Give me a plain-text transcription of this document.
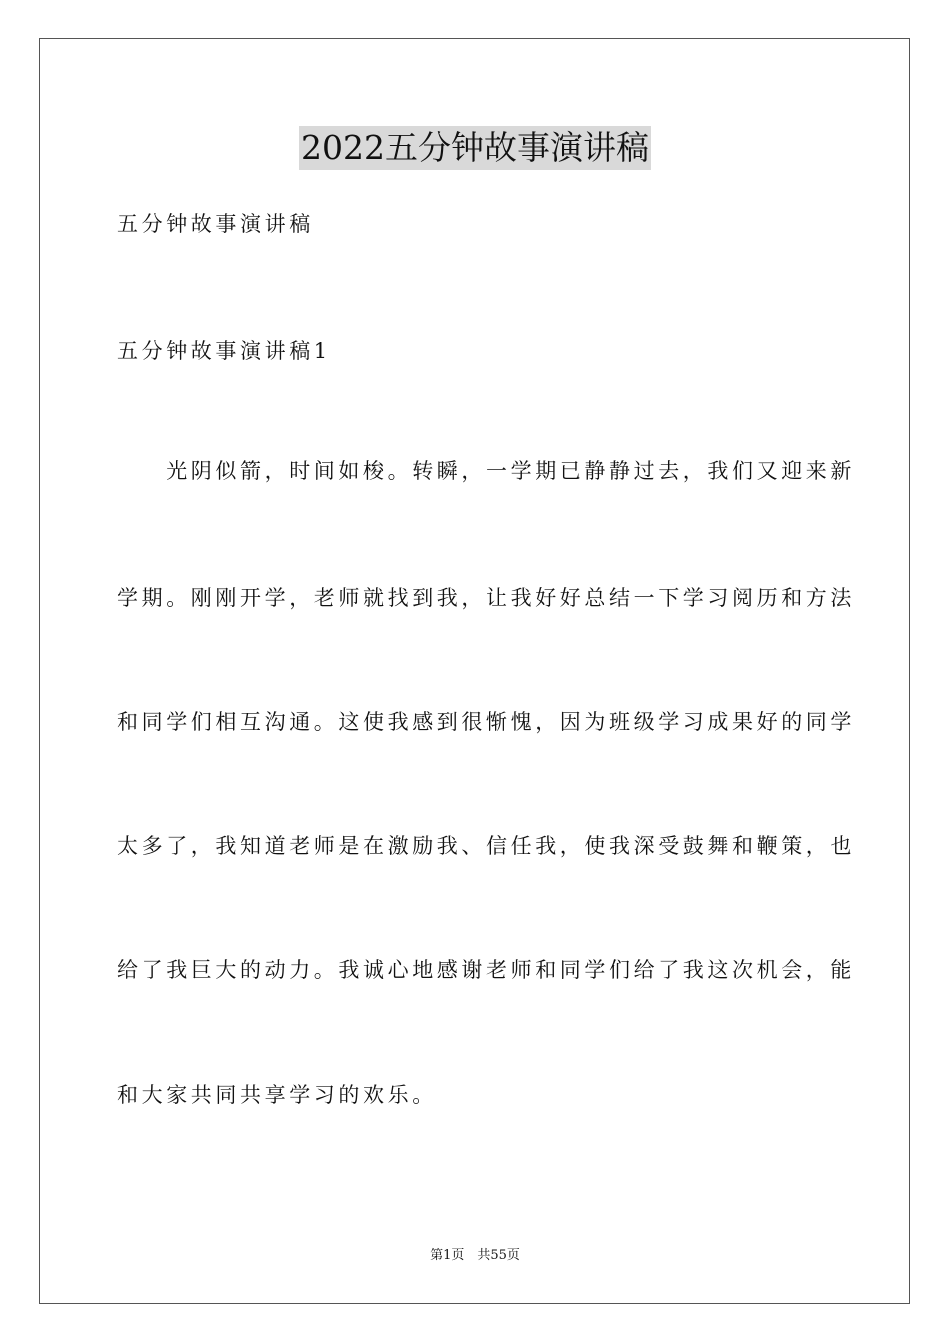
2022五分钟故事演讲稿
五分钟故事演讲稿
五分钟故事演讲稿1
　　光阴似箭，时间如梭。转瞬，一学期已静静过去，我们又迎来新
学期。刚刚开学，老师就找到我，让我好好总结一下学习阅历和方法
和同学们相互沟通。这使我感到很惭愧，因为班级学习成果好的同学
太多了，我知道老师是在激励我、信任我，使我深受鼓舞和鞭策，也
给了我巨大的动力。我诚心地感谢老师和同学们给了我这次机会，能
和大家共同共享学习的欢乐。
第1页　共55页
